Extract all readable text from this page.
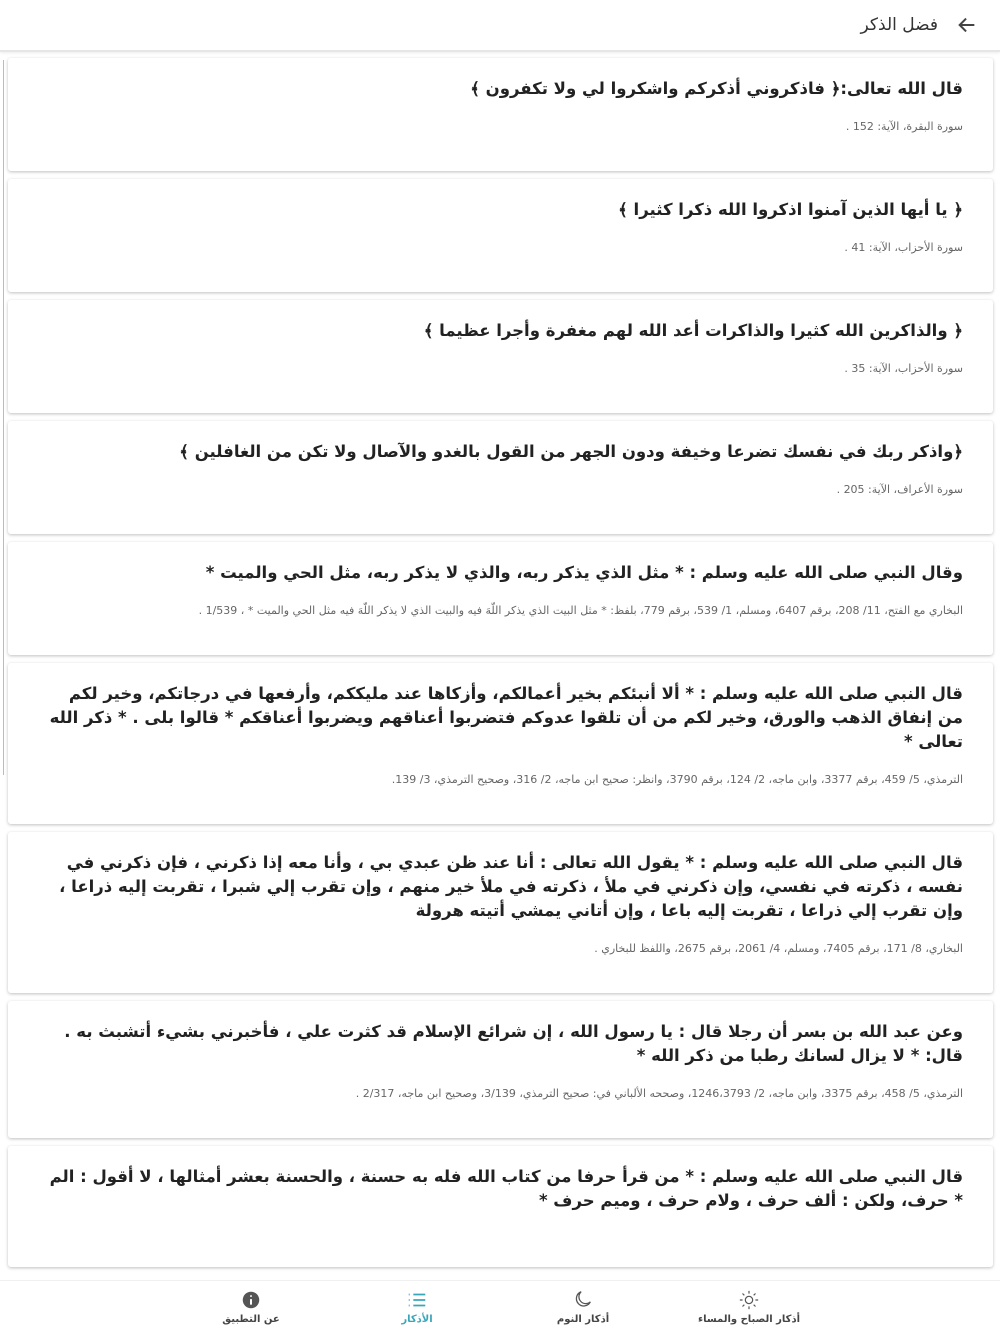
فضل الذكر
قال الله تعالى:﴿ فاذكروني أذكركم واشكروا لي ولا تكفرون ﴾
سورة البقرة، الآية: 152 .
﴿ يا أيها الذين آمنوا اذكروا الله ذكرا كثيرا ﴾
سورة الأحزاب، الآية: 41 .
﴿ والذاكرين الله كثيرا والذاكرات أعد الله لهم مغفرة وأجرا عظيما ﴾
سورة الأحزاب، الآية: 35 .
﴿واذكر ربك في نفسك تضرعا وخيفة ودون الجهر من القول بالغدو والآصال ولا تكن من الغافلين ﴾
سورة الأعراف، الآية: 205 .
وقال النبي صلى الله عليه وسلم : * مثل الذي يذكر ربه، والذي لا يذكر ربه، مثل الحي والميت *
البخاري مع الفتح، 11/ 208، برقم 6407، ومسلم، 1/ 539، برقم 779، بلفظ: * مثل البيت الذي يذكر اللّهَ فيه والبيت الذي لا يذكر اللّهَ فيه مثل الحي والميت * ، 1/539 .
قال النبي صلى الله عليه وسلم : * ألا أنبئكم بخير أعمالكم، وأزكاها عند مليككم، وأرفعها في درجاتكم، وخير لكم من إنفاق الذهب والورق، وخير لكم من أن تلقوا عدوكم فتضربوا أعناقهم ويضربوا أعناقكم * قالوا بلى . * ذكر الله تعالى *
الترمذي، 5/ 459، برقم 3377، وابن ماجه، 2/ 124، برقم 3790، وانظر: صحيح ابن ماجه، 2/ 316، وصحيح الترمذي، 3/ 139.
قال النبي صلى الله عليه وسلم : * يقول الله تعالى : أنا عند ظن عبدي بي ، وأنا معه إذا ذكرني ، فإن ذكرني في نفسه ، ذكرته في نفسي، وإن ذكرني في ملأ ، ذكرته في ملأ خير منهم ، وإن تقرب إلي شبرا ، تقربت إليه ذراعا ، وإن تقرب إلي ذراعا ، تقربت إليه باعا ، وإن أتاني يمشي أتيته هرولة
البخاري، 8/ 171، برقم 7405، ومسلم، 4/ 2061، برقم 2675، واللفظ للبخاري .
وعن عبد الله بن بسر أن رجلا قال : يا رسول الله ، إن شرائع الإسلام قد كثرت علي ، فأخبرني بشيء أتشبث به . قال: * لا يزال لسانك رطبا من ذكر الله *
الترمذي، 5/ 458، برقم 3375، وابن ماجه، 2/ 1246،3793، وصححه الألباني في: صحيح الترمذي، 3/139، وصحيح ابن ماجه، 2/317 .
قال النبي صلى الله عليه وسلم : * من قرأ حرفا من كتاب الله فله به حسنة ، والحسنة بعشر أمثالها ، لا أقول : الم * حرف، ولكن : ألف حرف ، ولام حرف ، وميم حرف *
أذكار الصباح والمساء
أذكار النوم
الأذكار
عن التطبيق
